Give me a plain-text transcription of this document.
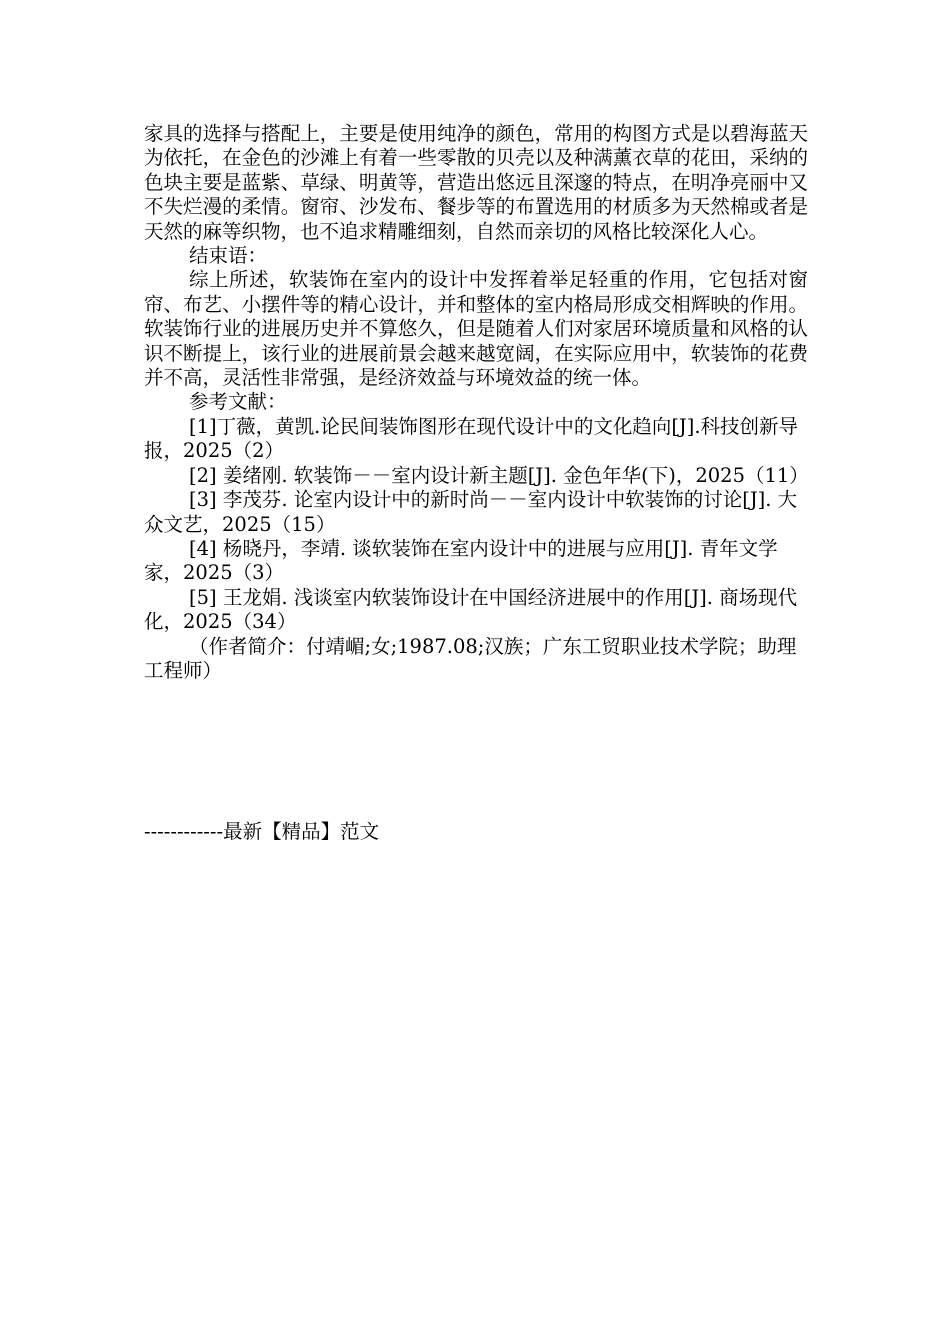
家具的选择与搭配上，主要是使用纯净的颜色，常用的构图方式是以碧海蓝天为依托，在金色的沙滩上有着一些零散的贝壳以及种满薰衣草的花田，采纳的色块主要是蓝紫、草绿、明黄等，营造出悠远且深邃的特点，在明净亮丽中又不失烂漫的柔情。窗帘、沙发布、餐步等的布置选用的材质多为天然棉或者是天然的麻等织物，也不追求精雕细刻，自然而亲切的风格比较深化人心。

结束语：

综上所述，软装饰在室内的设计中发挥着举足轻重的作用，它包括对窗帘、布艺、小摆件等的精心设计，并和整体的室内格局形成交相辉映的作用。软装饰行业的进展历史并不算悠久，但是随着人们对家居环境质量和风格的认识不断提上，该行业的进展前景会越来越宽阔，在实际应用中，软装饰的花费并不高，灵活性非常强，是经济效益与环境效益的统一体。

参考文献：

[1]丁薇，黄凯.论民间装饰图形在现代设计中的文化趋向[J].科技创新导报，2025（2）

[2] 姜绪刚. 软装饰－－室内设计新主题[J]. 金色年华(下)，2025（11）

[3] 李茂芬. 论室内设计中的新时尚－－室内设计中软装饰的讨论[J]. 大众文艺，2025（15）

[4] 杨晓丹，李靖. 谈软装饰在室内设计中的进展与应用[J]. 青年文学家，2025（3）

[5] 王龙娟. 浅谈室内软装饰设计在中国经济进展中的作用[J]. 商场现代化，2025（34）

（作者简介：付靖嵋;女;1987.08;汉族；广东工贸职业技术学院；助理工程师）

------------最新【精品】范文
